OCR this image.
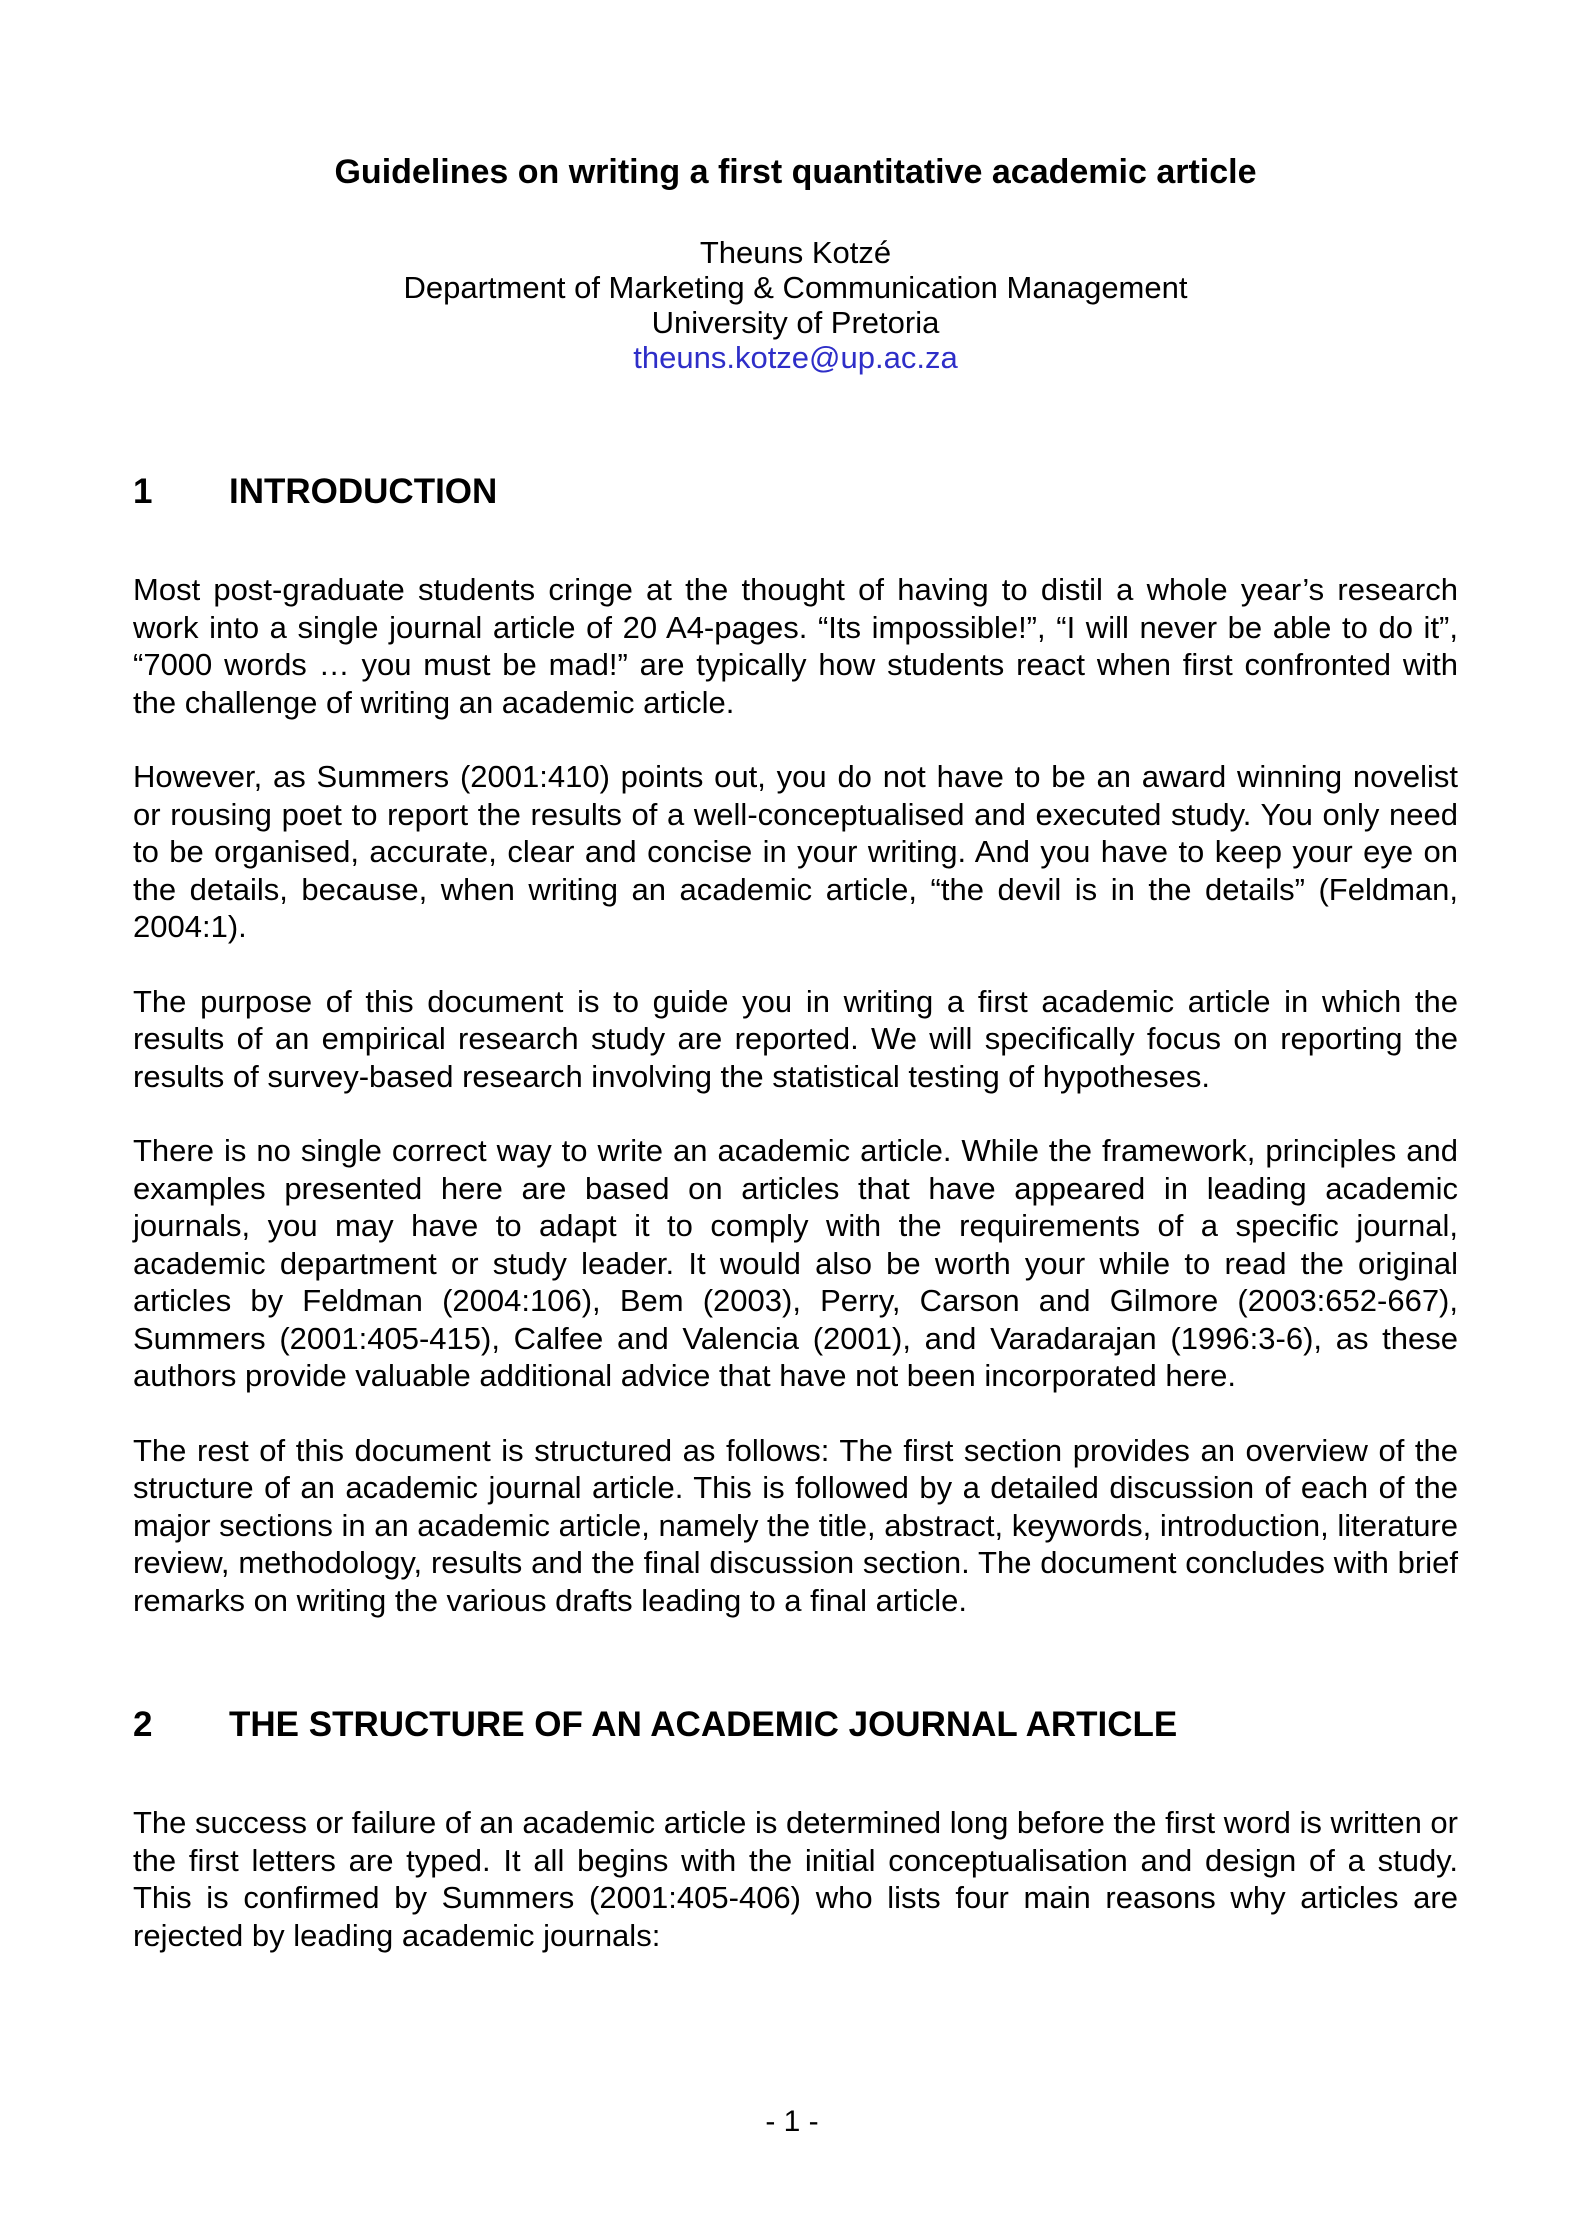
Guidelines on writing a first quantitative academic article
Theuns Kotzé
Department of Marketing & Communication Management
University of Pretoria
theuns.kotze@up.ac.za
1	INTRODUCTION

Most post-graduate students cringe at the thought of having to distil a whole year’s research work into a single journal article of 20 A4-pages. “Its impossible!”, “I will never be able to do it”, “7000 words … you must be mad!” are typically how students react when first confronted with the challenge of writing an academic article.

However, as Summers (2001:410) points out, you do not have to be an award winning novelist or rousing poet to report the results of a well-conceptualised and executed study. You only need to be organised, accurate, clear and concise in your writing. And you have to keep your eye on the details, because, when writing an academic article, “the devil is in the details” (Feldman, 2004:1).

The purpose of this document is to guide you in writing a first academic article in which the results of an empirical research study are reported. We will specifically focus on reporting the results of survey-based research involving the statistical testing of hypotheses.

There is no single correct way to write an academic article. While the framework, principles and examples presented here are based on articles that have appeared in leading academic journals, you may have to adapt it to comply with the requirements of a specific journal, academic department or study leader. It would also be worth your while to read the original articles by Feldman (2004:106), Bem (2003), Perry, Carson and Gilmore (2003:652-667), Summers (2001:405-415), Calfee and Valencia (2001), and Varadarajan (1996:3-6), as these authors provide valuable additional advice that have not been incorporated here.

The rest of this document is structured as follows: The first section provides an overview of the structure of an academic journal article. This is followed by a detailed discussion of each of the major sections in an academic article, namely the title, abstract, keywords, introduction, literature review, methodology, results and the final discussion section. The document concludes with brief remarks on writing the various drafts leading to a final article.

2	THE STRUCTURE OF AN ACADEMIC JOURNAL ARTICLE

The success or failure of an academic article is determined long before the first word is written or the first letters are typed. It all begins with the initial conceptualisation and design of a study. This is confirmed by Summers (2001:405-406) who lists four main reasons why articles are rejected by leading academic journals:

- 1 -
